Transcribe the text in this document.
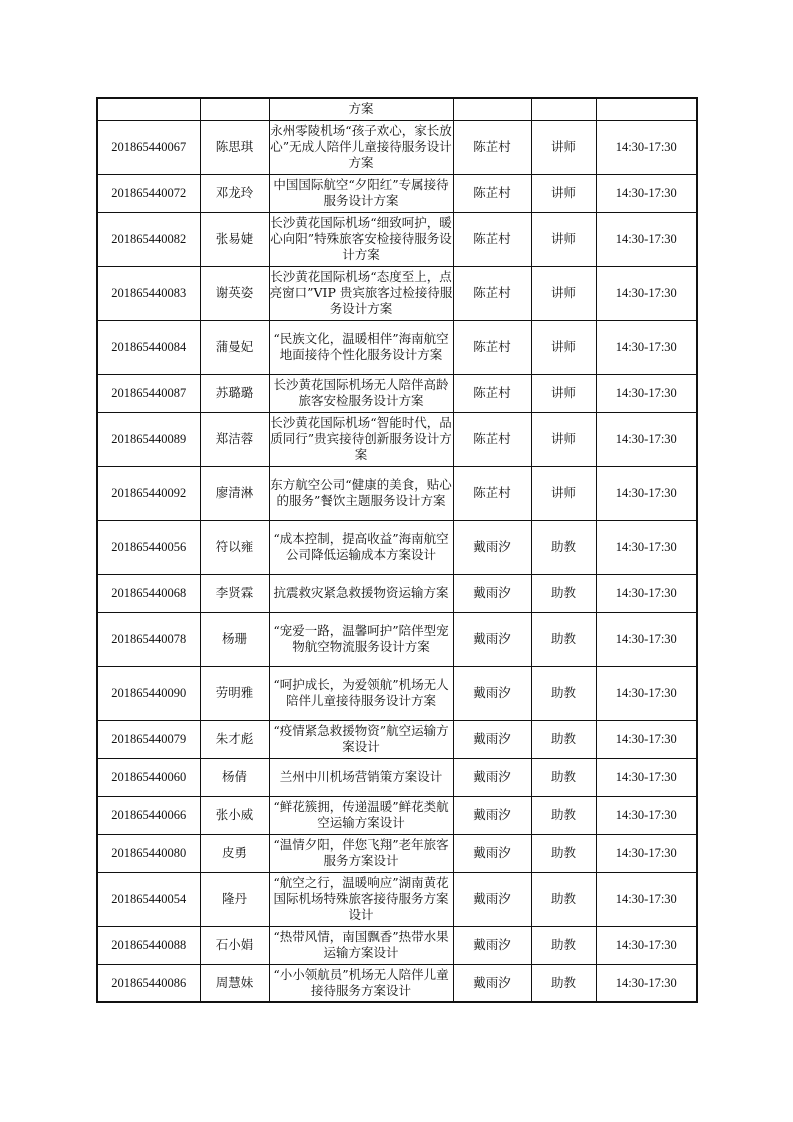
		方案			
201865440067	陈思琪	永州零陵机场“孩子欢心，家长放心”无成人陪伴儿童接待服务设计方案	陈芷村	讲师	14:30-17:30
201865440072	邓龙玲	中国国际航空“夕阳红”专属接待服务设计方案	陈芷村	讲师	14:30-17:30
201865440082	张易婕	长沙黄花国际机场“细致呵护，暖心向阳”特殊旅客安检接待服务设计方案	陈芷村	讲师	14:30-17:30
201865440083	谢英姿	长沙黄花国际机场“态度至上，点亮窗口”VIP 贵宾旅客过检接待服务设计方案	陈芷村	讲师	14:30-17:30
201865440084	蒲曼妃	“民族文化，温暖相伴”海南航空地面接待个性化服务设计方案	陈芷村	讲师	14:30-17:30
201865440087	苏璐璐	长沙黄花国际机场无人陪伴高龄旅客安检服务设计方案	陈芷村	讲师	14:30-17:30
201865440089	郑洁蓉	长沙黄花国际机场“智能时代，品质同行”贵宾接待创新服务设计方案	陈芷村	讲师	14:30-17:30
201865440092	廖清淋	东方航空公司“健康的美食，贴心的服务”餐饮主题服务设计方案	陈芷村	讲师	14:30-17:30
201865440056	符以雍	“成本控制，提高收益”海南航空公司降低运输成本方案设计	戴雨汐	助教	14:30-17:30
201865440068	李贤霖	抗震救灾紧急救援物资运输方案	戴雨汐	助教	14:30-17:30
201865440078	杨珊	“宠爱一路，温馨呵护”陪伴型宠物航空物流服务设计方案	戴雨汐	助教	14:30-17:30
201865440090	劳明雅	“呵护成长，为爱领航”机场无人陪伴儿童接待服务设计方案	戴雨汐	助教	14:30-17:30
201865440079	朱才彪	“疫情紧急救援物资”航空运输方案设计	戴雨汐	助教	14:30-17:30
201865440060	杨倩	兰州中川机场营销策方案设计	戴雨汐	助教	14:30-17:30
201865440066	张小威	“鲜花簇拥，传递温暖”鲜花类航空运输方案设计	戴雨汐	助教	14:30-17:30
201865440080	皮勇	“温情夕阳，伴您飞翔”老年旅客服务方案设计	戴雨汐	助教	14:30-17:30
201865440054	隆丹	“航空之行，温暖响应”湖南黄花国际机场特殊旅客接待服务方案设计	戴雨汐	助教	14:30-17:30
201865440088	石小娟	“热带风情，南国飘香”热带水果运输方案设计	戴雨汐	助教	14:30-17:30
201865440086	周慧妹	“小小领航员”机场无人陪伴儿童接待服务方案设计	戴雨汐	助教	14:30-17:30
